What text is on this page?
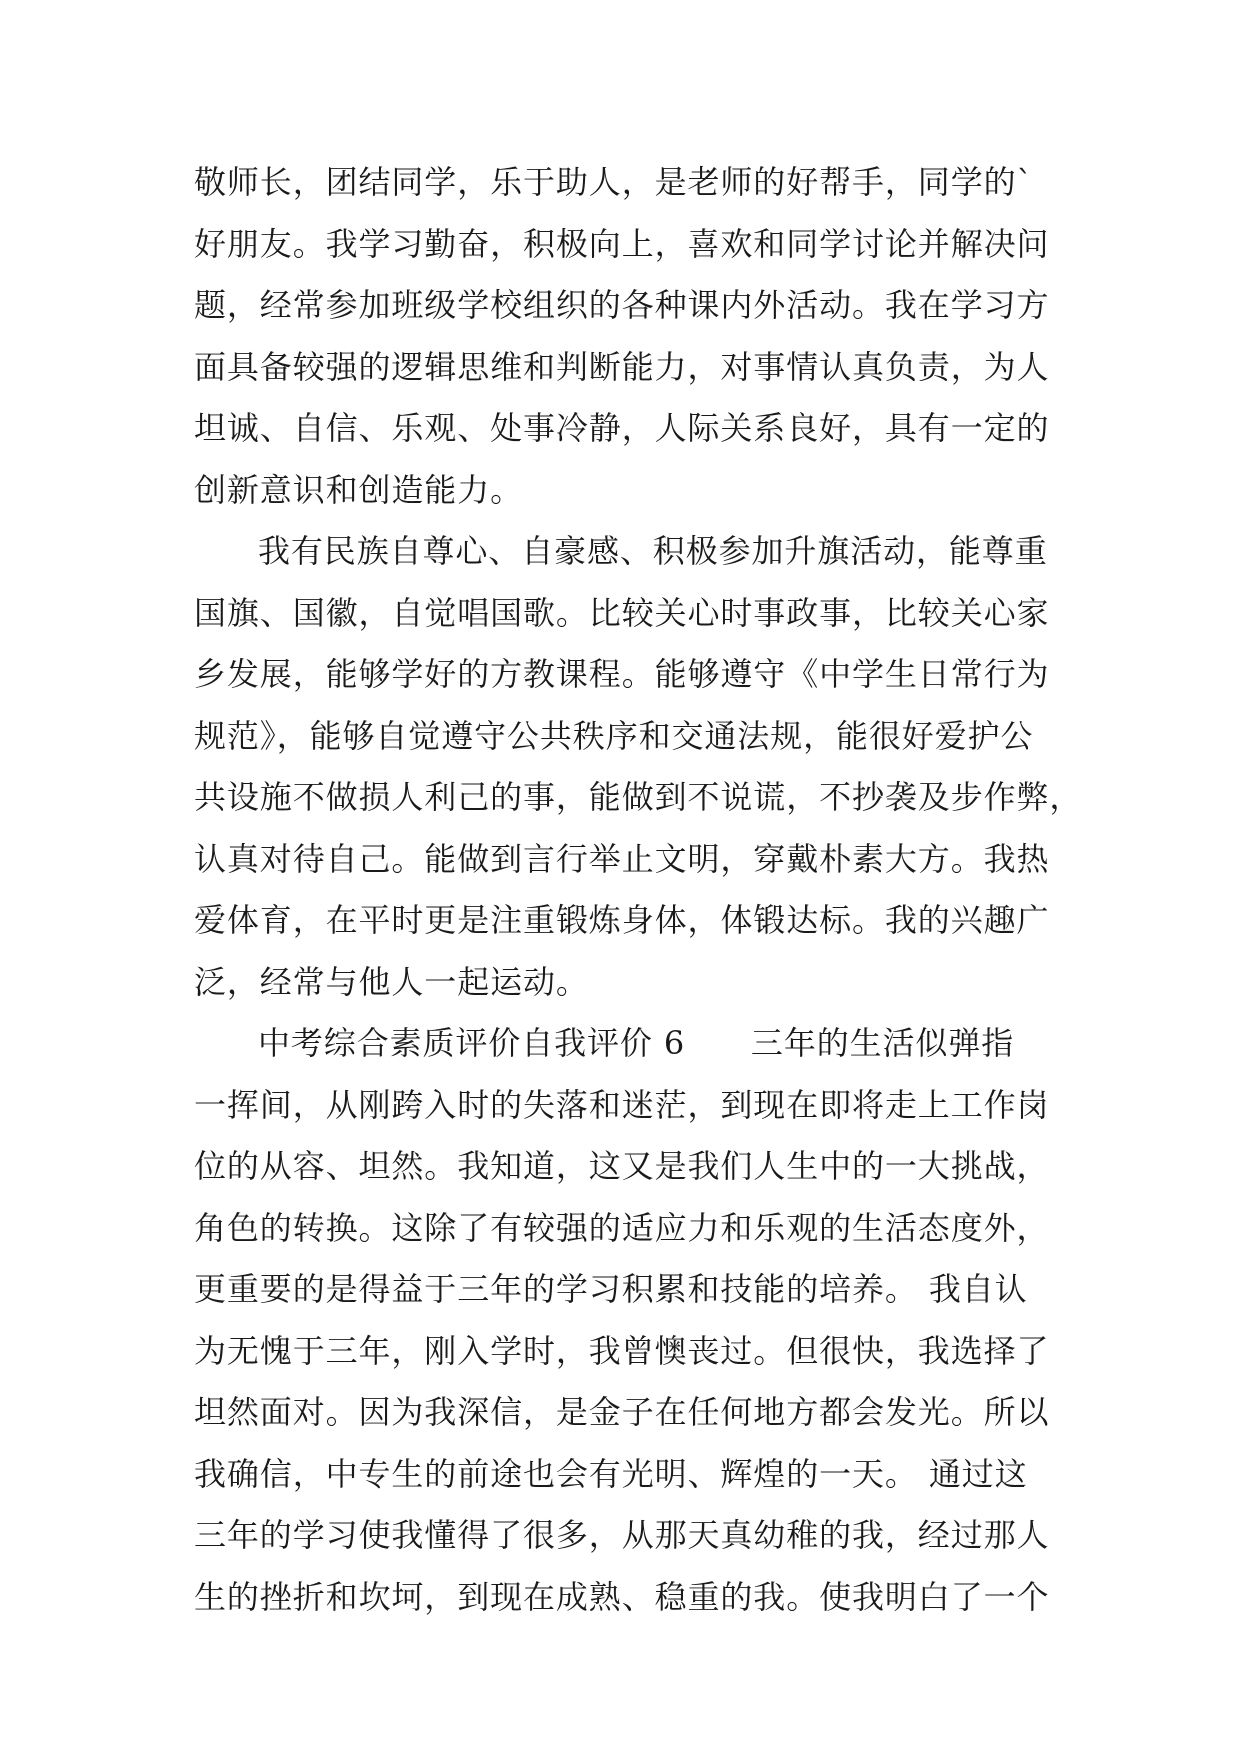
敬师长，团结同学，乐于助人，是老师的好帮手，同学的`
好朋友。我学习勤奋，积极向上，喜欢和同学讨论并解决问
题，经常参加班级学校组织的各种课内外活动。我在学习方
面具备较强的逻辑思维和判断能力，对事情认真负责，为人
坦诚、自信、乐观、处事冷静，人际关系良好，具有一定的
创新意识和创造能力。
我有民族自尊心、自豪感、积极参加升旗活动，能尊重
国旗、国徽，自觉唱国歌。比较关心时事政事，比较关心家
乡发展，能够学好的方教课程。能够遵守《中学生日常行为
规范》，能够自觉遵守公共秩序和交通法规，能很好爱护公
共设施不做损人利己的事，能做到不说谎，不抄袭及步作弊，
认真对待自己。能做到言行举止文明，穿戴朴素大方。我热
爱体育，在平时更是注重锻炼身体，体锻达标。我的兴趣广
泛，经常与他人一起运动。
中考综合素质评价自我评价 6　　三年的生活似弹指
一挥间，从刚跨入时的失落和迷茫，到现在即将走上工作岗
位的从容、坦然。我知道，这又是我们人生中的一大挑战，
角色的转换。这除了有较强的适应力和乐观的生活态度外，
更重要的是得益于三年的学习积累和技能的培养。 我自认
为无愧于三年，刚入学时，我曾懊丧过。但很快，我选择了
坦然面对。因为我深信，是金子在任何地方都会发光。所以
我确信，中专生的前途也会有光明、辉煌的一天。 通过这
三年的学习使我懂得了很多，从那天真幼稚的我，经过那人
生的挫折和坎坷，到现在成熟、稳重的我。使我明白了一个
